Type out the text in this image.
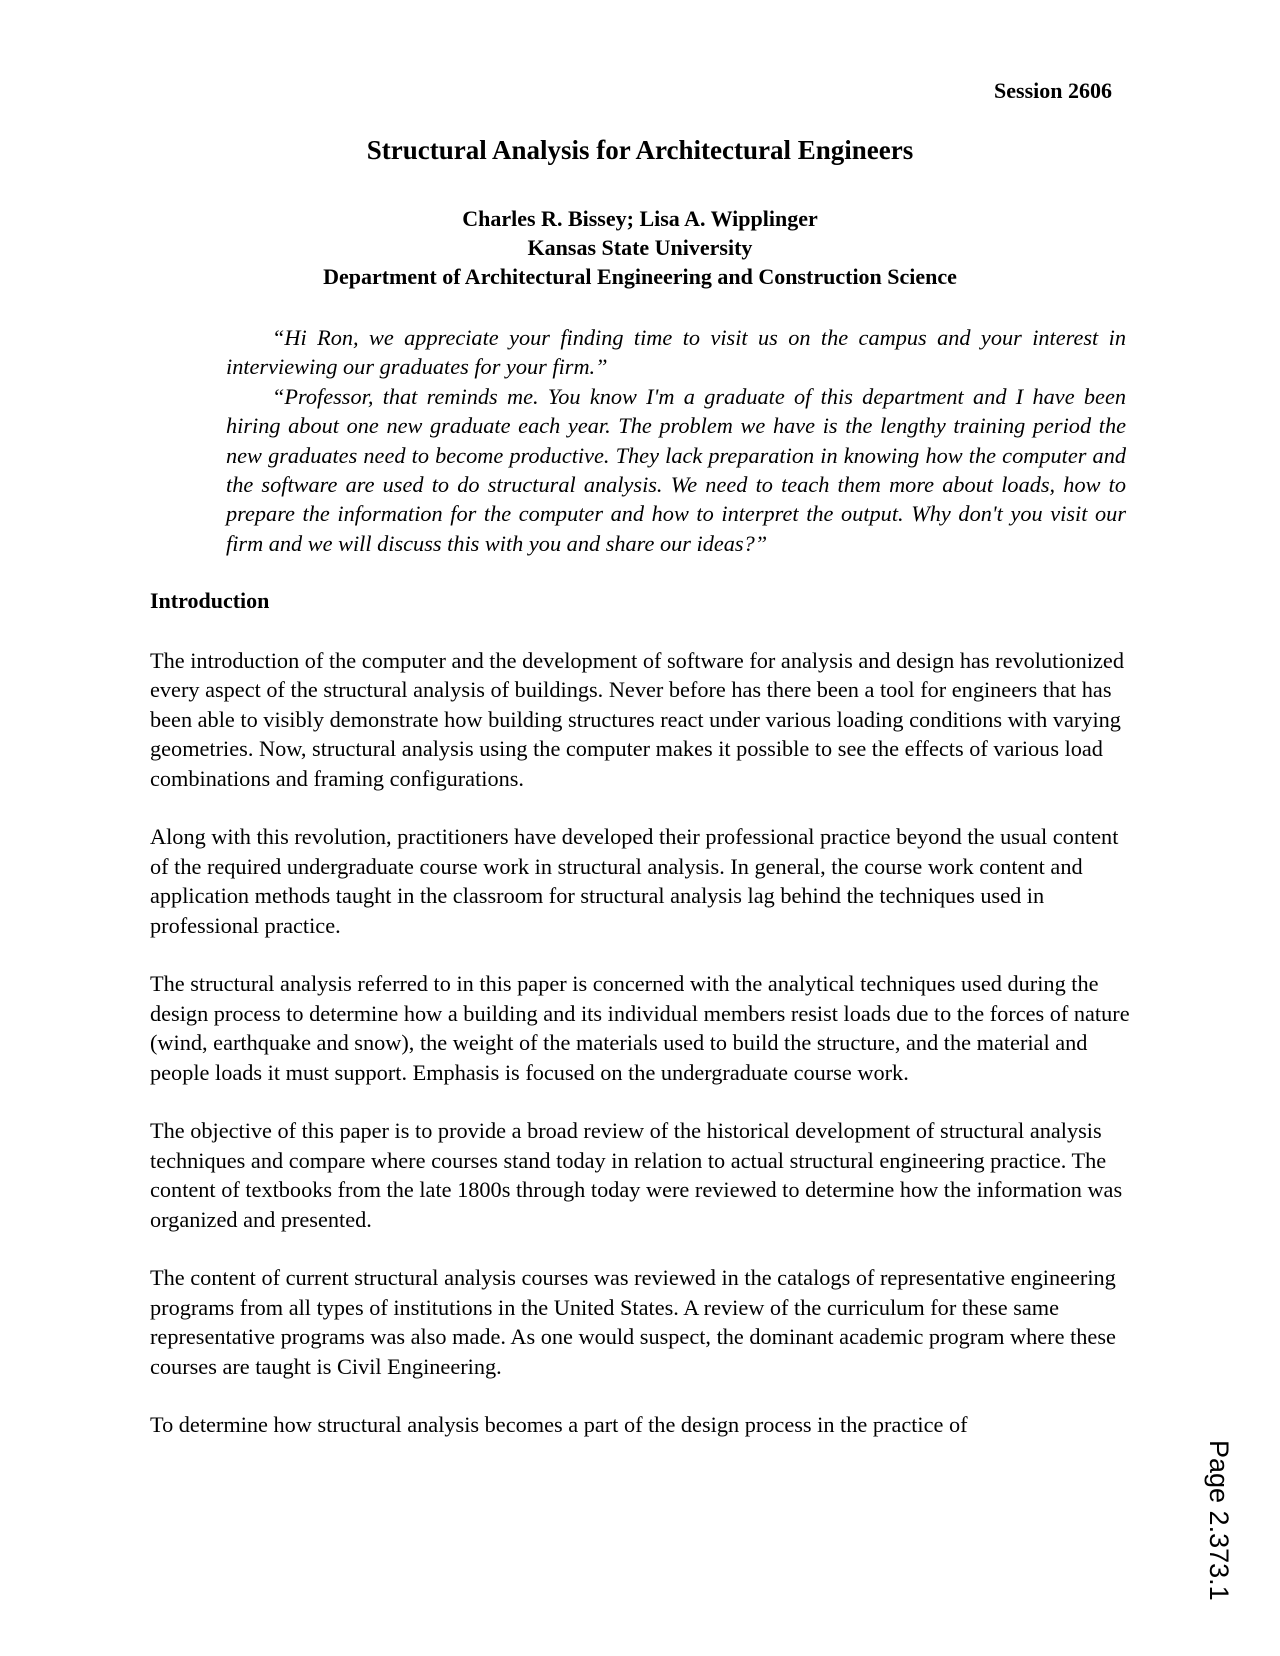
Session 2606
Structural Analysis for Architectural Engineers
Charles R. Bissey; Lisa A. Wipplinger
Kansas State University
Department of Architectural Engineering and Construction Science

“Hi Ron, we appreciate your finding time to visit us on the campus and your interest in interviewing our graduates for your firm.”

“Professor, that reminds me. You know I'm a graduate of this department and I have been hiring about one new graduate each year. The problem we have is the lengthy training period the new graduates need to become productive. They lack preparation in knowing how the computer and the software are used to do structural analysis. We need to teach them more about loads, how to prepare the information for the computer and how to interpret the output. Why don't you visit our firm and we will discuss this with you and share our ideas?”

Introduction

The introduction of the computer and the development of software for analysis and design has revolutionized every aspect of the structural analysis of buildings. Never before has there been a tool for engineers that has been able to visibly demonstrate how building structures react under various loading conditions with varying geometries. Now, structural analysis using the computer makes it possible to see the effects of various load combinations and framing configurations.

Along with this revolution, practitioners have developed their professional practice beyond the usual content of the required undergraduate course work in structural analysis. In general, the course work content and application methods taught in the classroom for structural analysis lag behind the techniques used in professional practice.

The structural analysis referred to in this paper is concerned with the analytical techniques used during the design process to determine how a building and its individual members resist loads due to the forces of nature (wind, earthquake and snow), the weight of the materials used to build the structure, and the material and people loads it must support. Emphasis is focused on the undergraduate course work.

The objective of this paper is to provide a broad review of the historical development of structural analysis techniques and compare where courses stand today in relation to actual structural engineering practice. The content of textbooks from the late 1800s through today were reviewed to determine how the information was organized and presented.

The content of current structural analysis courses was reviewed in the catalogs of representative engineering programs from all types of institutions in the United States. A review of the curriculum for these same representative programs was also made. As one would suspect, the dominant academic program where these courses are taught is Civil Engineering.

To determine how structural analysis becomes a part of the design process in the practice of

Page 2.373.1
